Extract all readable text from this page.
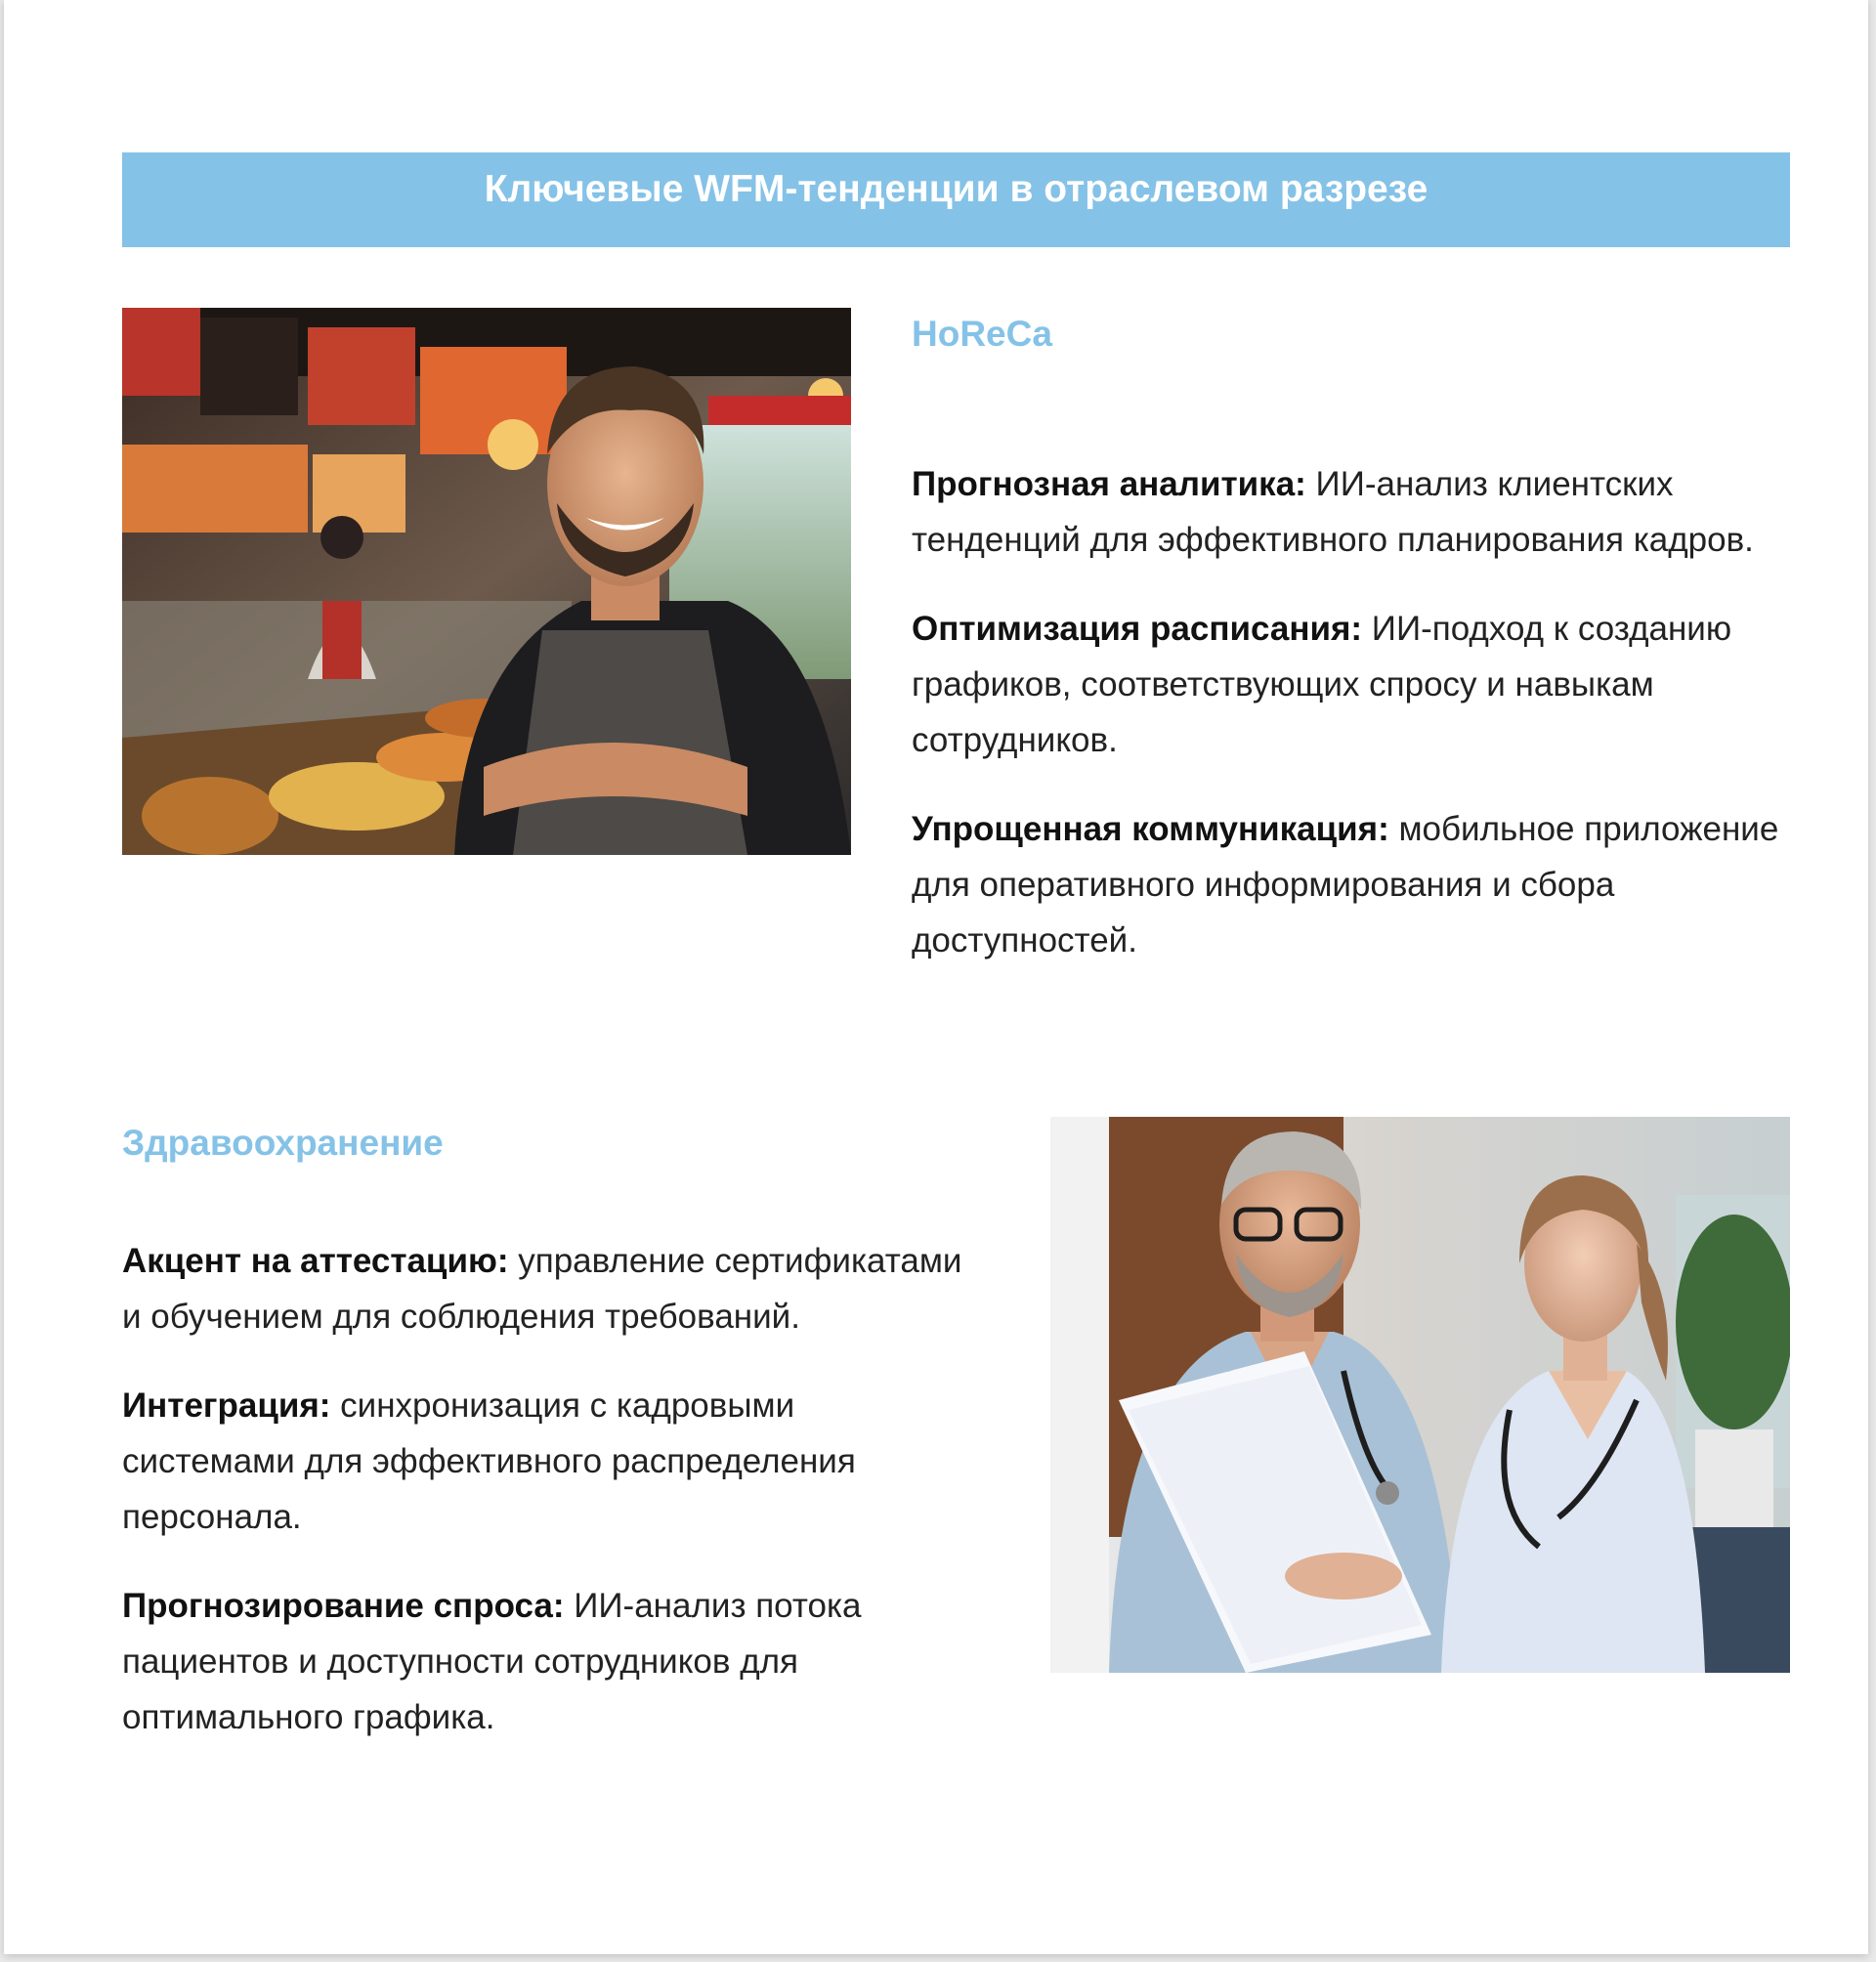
Ключевые WFM-тенденции в отраслевом разрезе
HoReCa
Прогнозная аналитика: ИИ-анализ клиентских тенденций для эффективного планирования кадров.
Оптимизация расписания: ИИ-подход к созданию графиков, соответствующих спросу и навыкам сотрудников.
Упрощенная коммуникация: мобильное приложение для оперативного информирования и сбора доступностей.
Здравоохранение
Акцент на аттестацию: управление сертификатами и обучением для соблюдения требований.
Интеграция: синхронизация с кадровыми системами для эффективного распределения персонала.
Прогнозирование спроса: ИИ-анализ потока пациентов и доступности сотрудников для оптимального графика.
